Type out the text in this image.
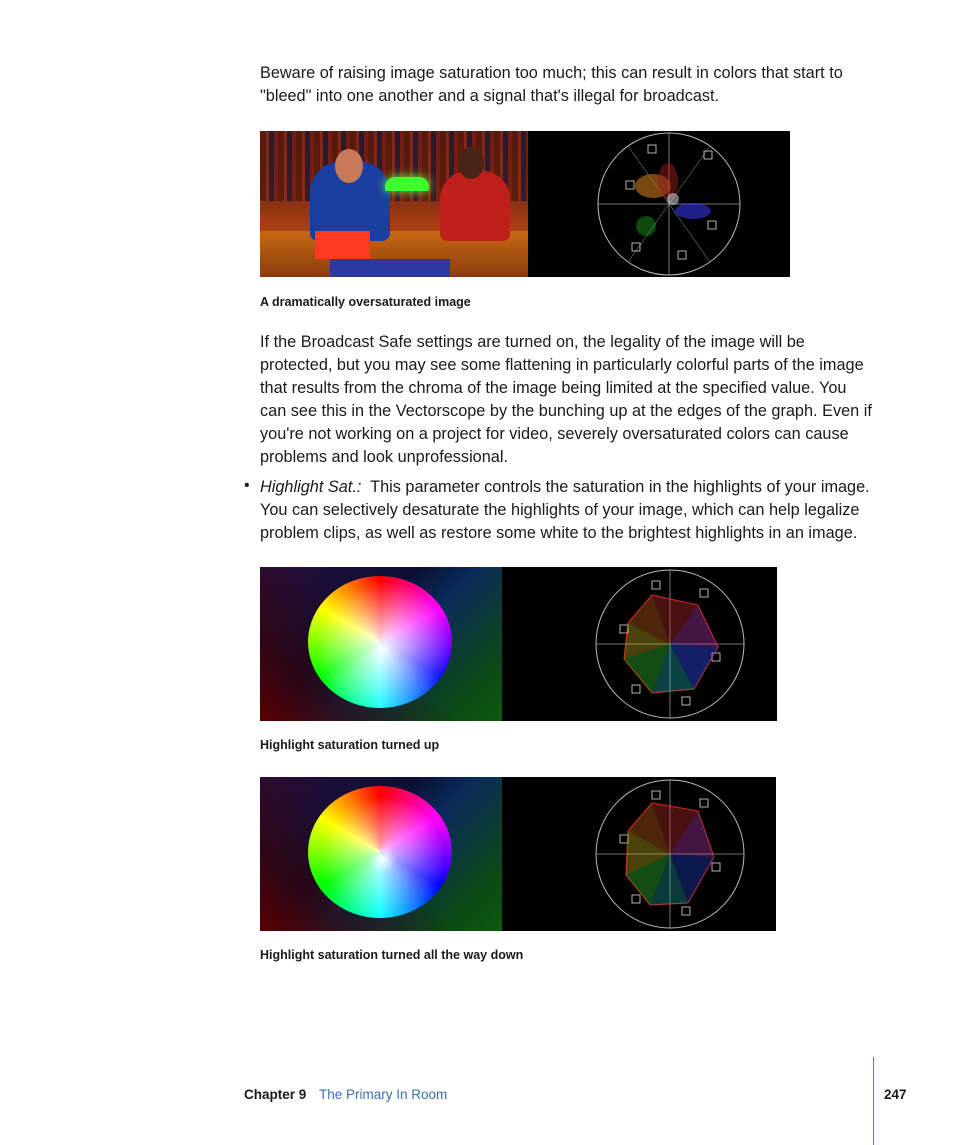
Beware of raising image saturation too much; this can result in colors that start to "bleed" into one another and a signal that's illegal for broadcast.

A dramatically oversaturated image

If the Broadcast Safe settings are turned on, the legality of the image will be protected, but you may see some flattening in particularly colorful parts of the image that results from the chroma of the image being limited at the specified value. You can see this in the Vectorscope by the bunching up at the edges of the graph. Even if you're not working on a project for video, severely oversaturated colors can cause problems and look unprofessional.

• Highlight Sat.: This parameter controls the saturation in the highlights of your image. You can selectively desaturate the highlights of your image, which can help legalize problem clips, as well as restore some white to the brightest highlights in an image.

Highlight saturation turned up

Highlight saturation turned all the way down

Chapter 9 The Primary In Room	247
